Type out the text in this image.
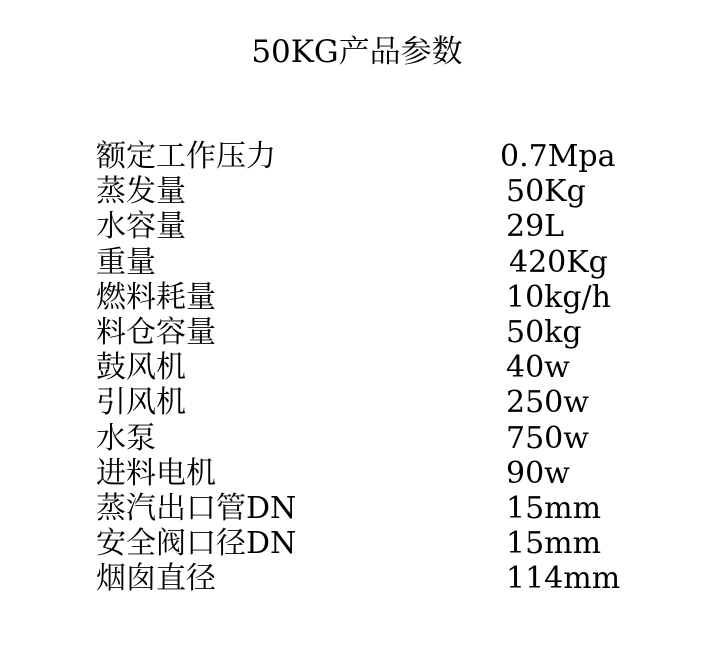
50KG产品参数
额定工作压力	0.7Mpa
蒸发量	50Kg
水容量	29L
重量	420Kg
燃料耗量	10kg/h
料仓容量	50kg
鼓风机	40w
引风机	250w
水泵	750w
进料电机	90w
蒸汽出口管DN	15mm
安全阀口径DN	15mm
烟囱直径	114mm
